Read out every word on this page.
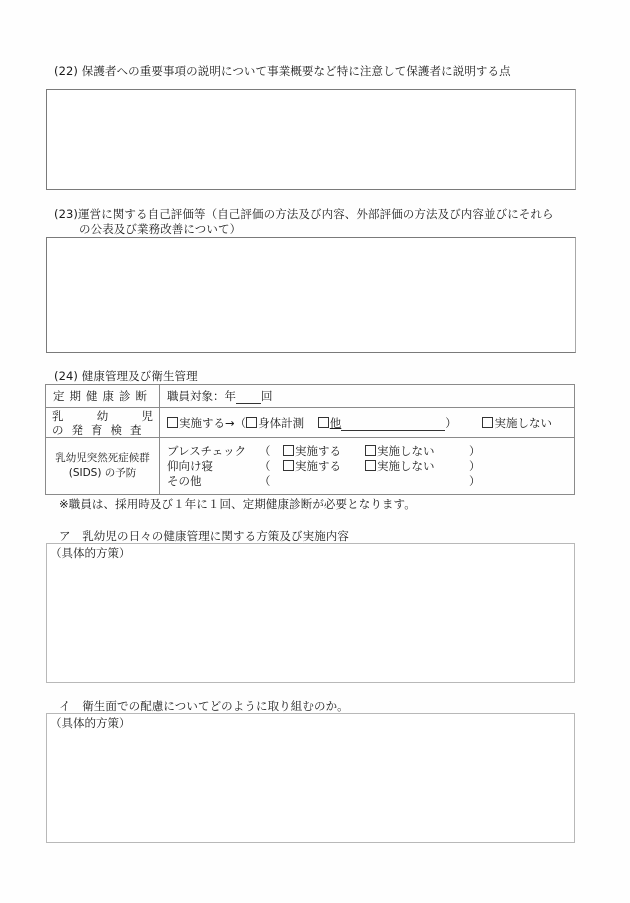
(22) 保護者への重要事項の説明について事業概要など特に注意して保護者に説明する点
(23)運営に関する自己評価等（自己評価の方法及び内容、外部評価の方法及び内容並びにそれら
の公表及び業務改善について）
(24) 健康管理及び衛生管理
定期健康診断	職員対象：年 回

乳 幼 児
の発育検査	実施する→（ 身体計測 他 ） 実施しない

乳幼児突然死症候群
(SIDS) の予防

ブレスチェック	（	実施する	実施しない	）
仰向け寝	（	実施する	実施しない	）
その他	（	）
※職員は、採用時及び１年に１回、定期健康診断が必要となります。
ア　乳幼児の日々の健康管理に関する方策及び実施内容
（具体的方策）
イ　衛生面での配慮についてどのように取り組むのか。
（具体的方策）
